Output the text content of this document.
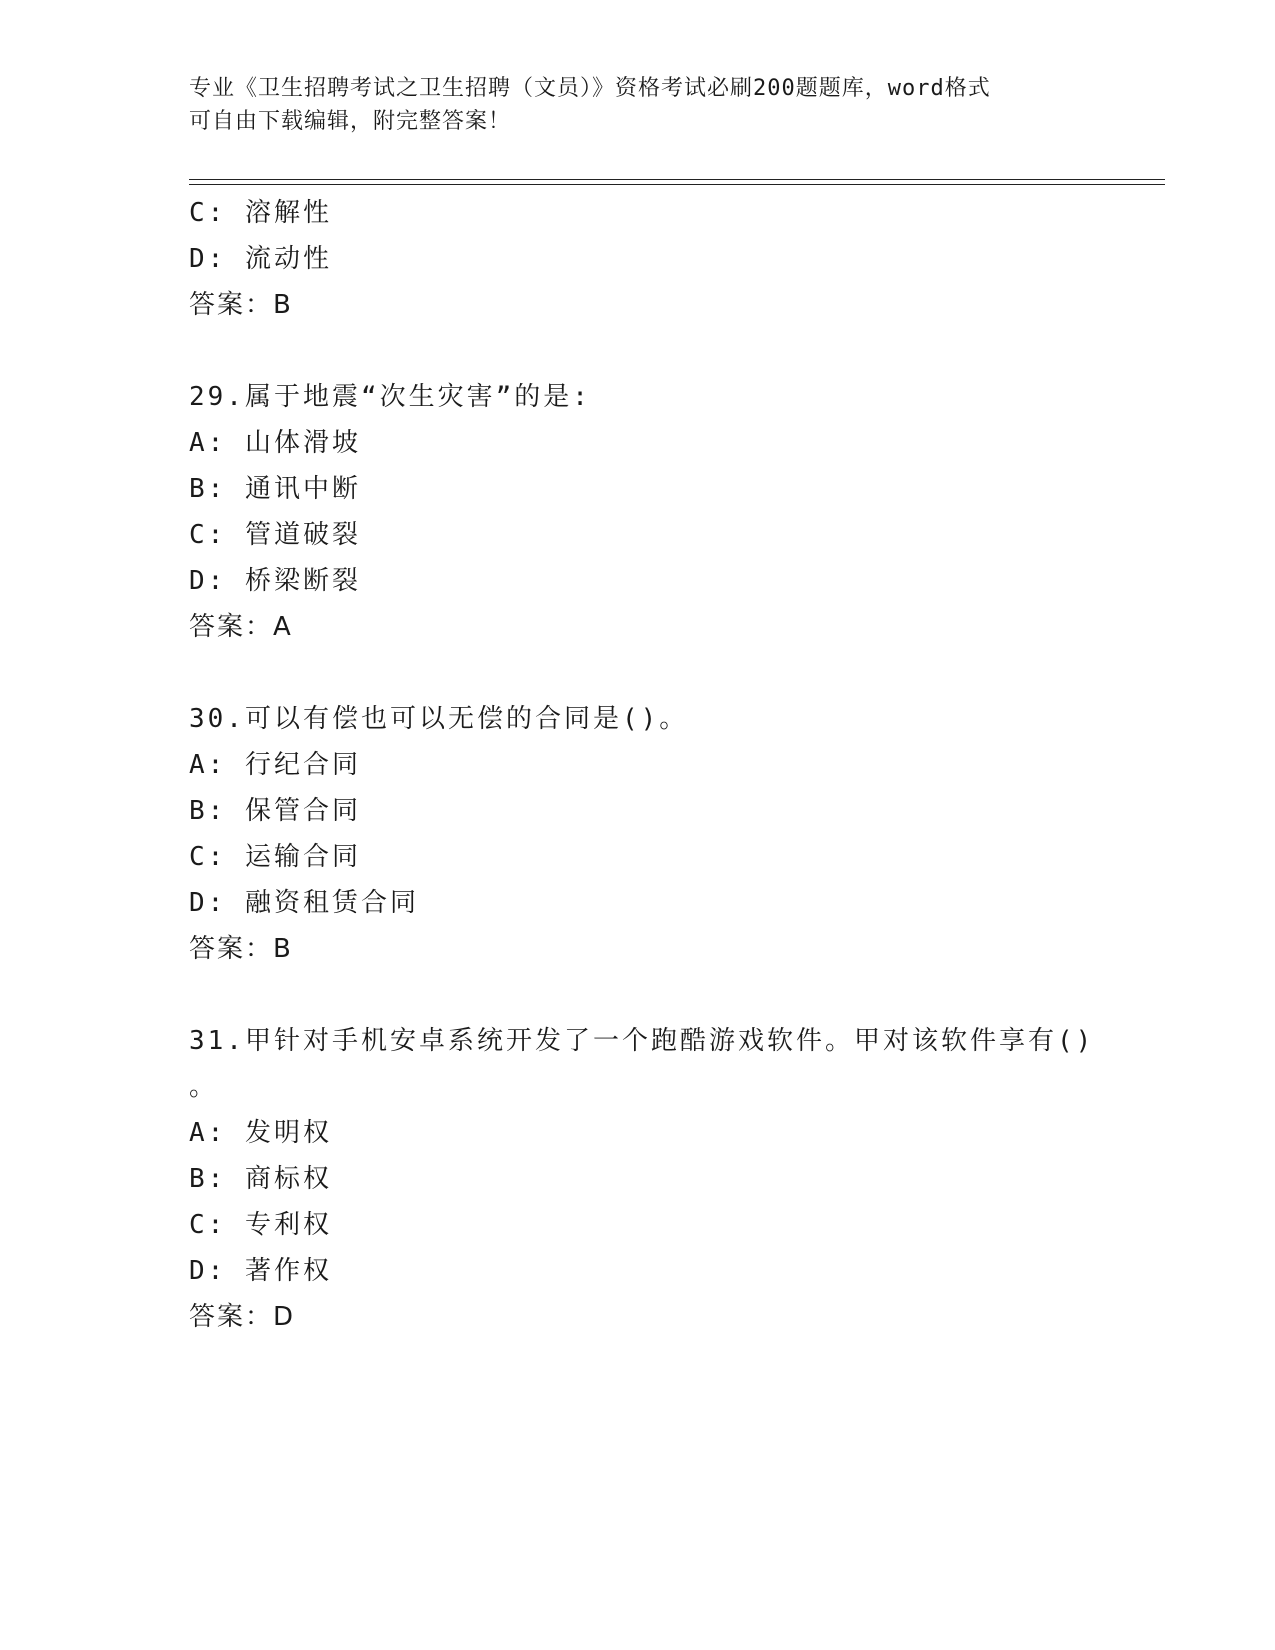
专业《卫生招聘考试之卫生招聘（文员）》资格考试必刷200题题库，word格式
可自由下载编辑，附完整答案！
C: 溶解性
D: 流动性
答案：B
29.属于地震“次生灾害”的是:
A: 山体滑坡
B: 通讯中断
C: 管道破裂
D: 桥梁断裂
答案：A
30.可以有偿也可以无偿的合同是()。
A: 行纪合同
B: 保管合同
C: 运输合同
D: 融资租赁合同
答案：B
31.甲针对手机安卓系统开发了一个跑酷游戏软件。甲对该软件享有()
。
A: 发明权
B: 商标权
C: 专利权
D: 著作权
答案：D
